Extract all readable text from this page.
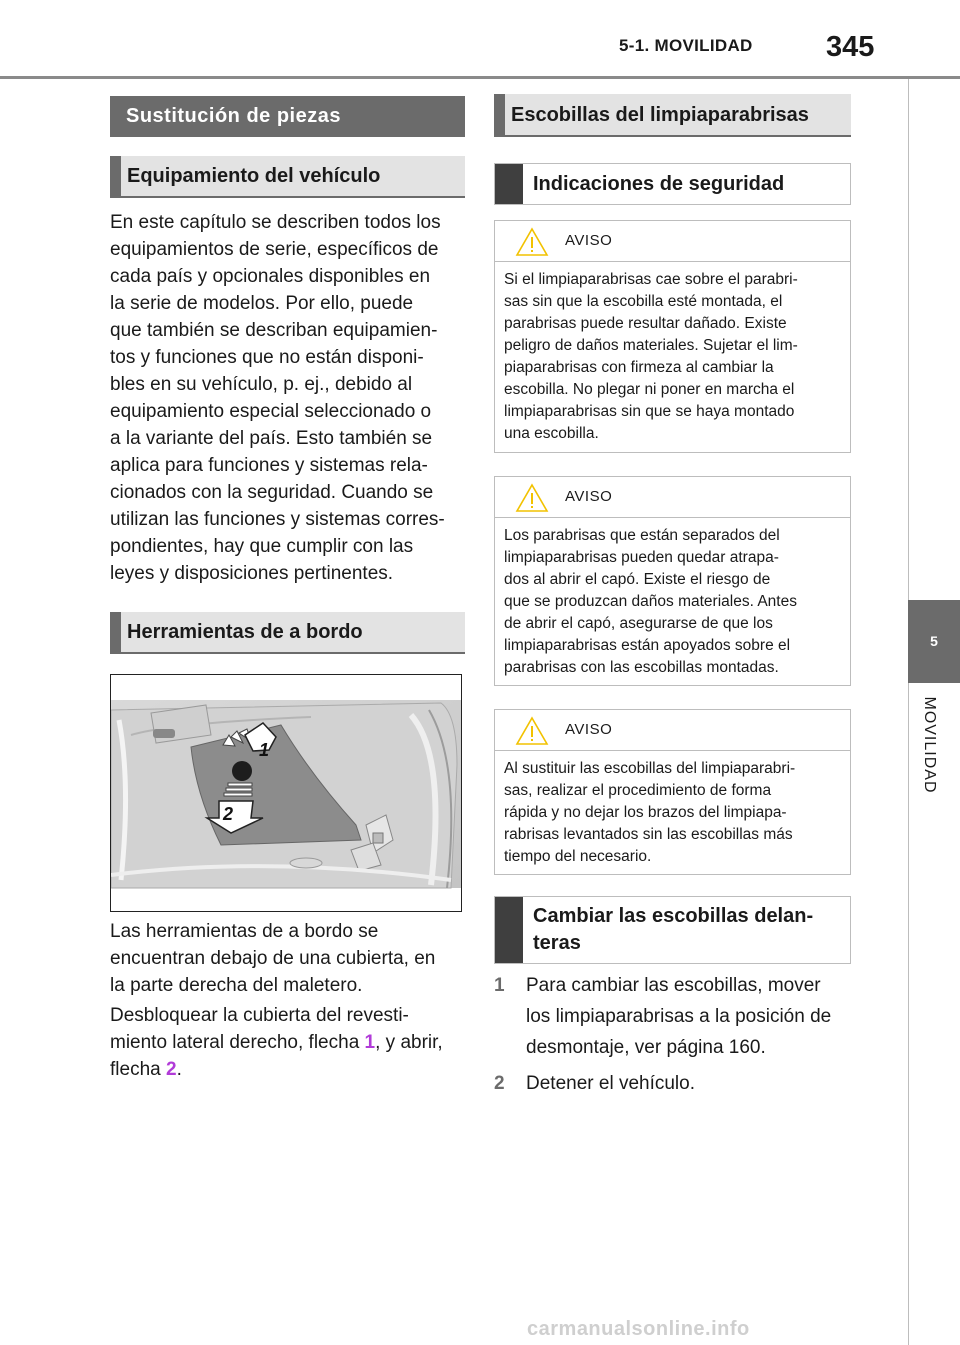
5-1. MOVILIDAD	345
5
MOVILIDAD
Sustitución de piezas
Equipamiento del vehículo
En este capítulo se describen todos los
equipamientos de serie, específicos de
cada país y opcionales disponibles en
la serie de modelos. Por ello, puede
que también se describan equipamien-
tos y funciones que no están disponi-
bles en su vehículo, p. ej., debido al
equipamiento especial seleccionado o
a la variante del país. Esto también se
aplica para funciones y sistemas rela-
cionados con la seguridad. Cuando se
utilizan las funciones y sistemas corres-
pondientes, hay que cumplir con las
leyes y disposiciones pertinentes.
Herramientas de a bordo
1
2
Las herramientas de a bordo se
encuentran debajo de una cubierta, en
la parte derecha del maletero.
Desbloquear la cubierta del revesti-
miento lateral derecho, flecha 1, y abrir,
flecha 2.
Escobillas del limpiaparabrisas
Indicaciones de seguridad
AVISO
Si el limpiaparabrisas cae sobre el parabri-
sas sin que la escobilla esté montada, el
parabrisas puede resultar dañado. Existe
peligro de daños materiales. Sujetar el lim-
piaparabrisas con firmeza al cambiar la
escobilla. No plegar ni poner en marcha el
limpiaparabrisas sin que se haya montado
una escobilla.
AVISO
Los parabrisas que están separados del
limpiaparabrisas pueden quedar atrapa-
dos al abrir el capó. Existe el riesgo de
que se produzcan daños materiales. Antes
de abrir el capó, asegurarse de que los
limpiaparabrisas están apoyados sobre el
parabrisas con las escobillas montadas.
AVISO
Al sustituir las escobillas del limpiaparabri-
sas, realizar el procedimiento de forma
rápida y no dejar los brazos del limpiapa-
rabrisas levantados sin las escobillas más
tiempo del necesario.
Cambiar las escobillas delan-
teras
1 Para cambiar las escobillas, mover
los limpiaparabrisas a la posición de
desmontaje, ver página 160.
2 Detener el vehículo.
carmanualsonline.info
